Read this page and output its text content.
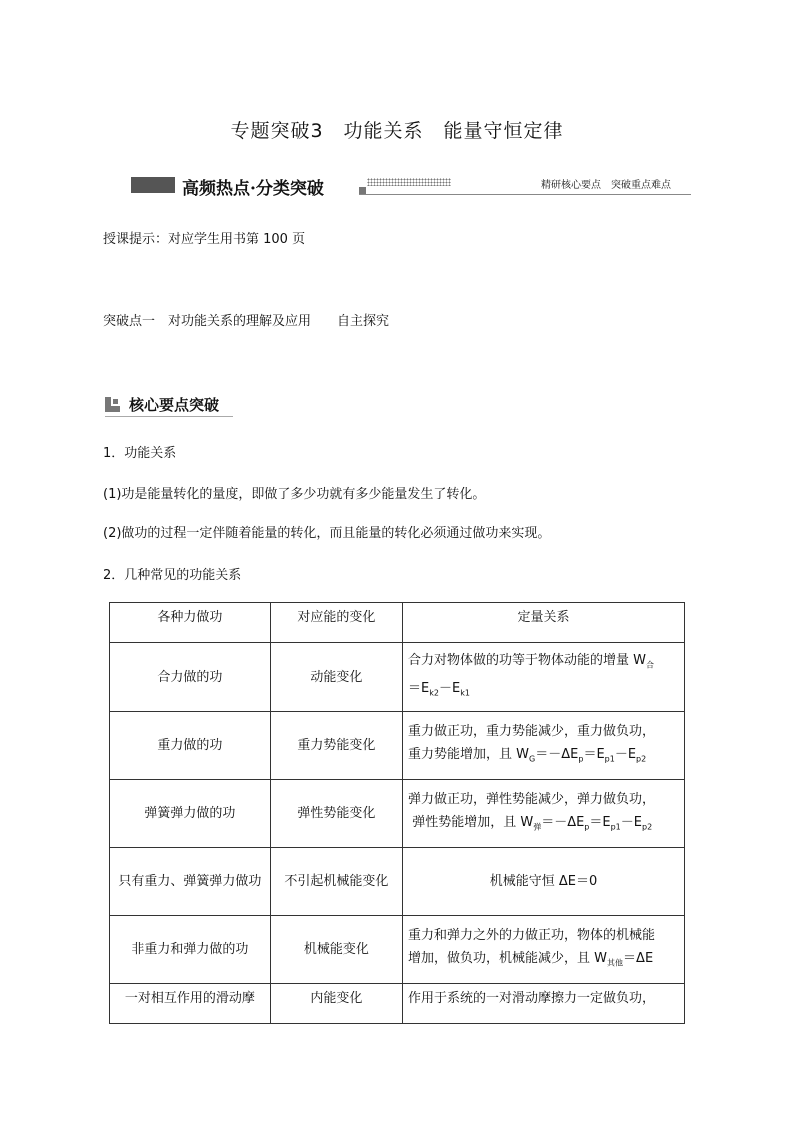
专题突破3　功能关系　能量守恒定律
高频热点·分类突破	精研核心要点　突破重点难点
授课提示：对应学生用书第 100 页
突破点一　对功能关系的理解及应用 自主探究
核心要点突破
1．功能关系
(1)功是能量转化的量度，即做了多少功就有多少能量发生了转化。
(2)做功的过程一定伴随着能量的转化，而且能量的转化必须通过做功来实现。
2．几种常见的功能关系
各种力做功	对应能的变化	定量关系
合力做的功	动能变化	合力对物体做的功等于物体动能的增量 $W_合$
$=E_{k2}-E_{k1}$
重力做的功	重力势能变化	重力做正功，重力势能减少，重力做负功，
重力势能增加，且 $W_G=-\Delta E_p=E_{p1}-E_{p2}$
弹簧弹力做的功	弹性势能变化	弹力做正功，弹性势能减少，弹力做负功，
弹性势能增加，且 $W_弹=-\Delta E_p=E_{p1}-E_{p2}$
只有重力、弹簧弹力做功	不引起机械能变化	机械能守恒 ΔE＝0
非重力和弹力做的功	机械能变化	重力和弹力之外的力做正功，物体的机械能
增加，做负功，机械能减少，且 $W_{其他}=\Delta E$
一对相互作用的滑动摩	内能变化	作用于系统的一对滑动摩擦力一定做负功，
